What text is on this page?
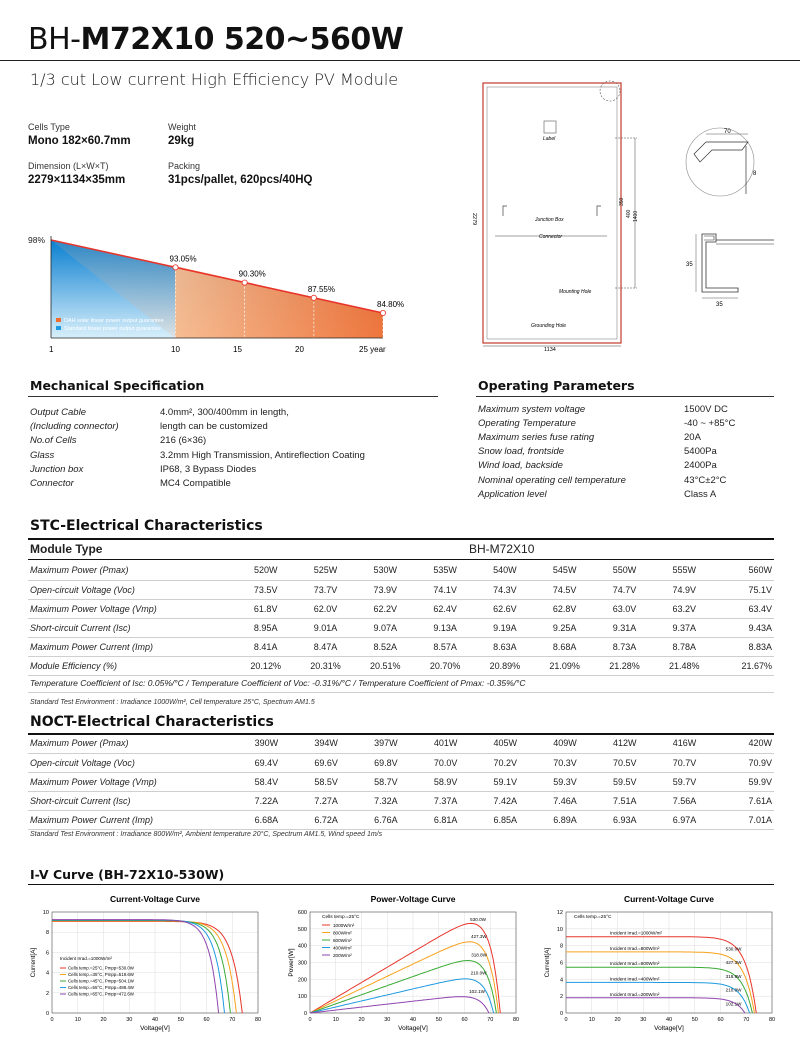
BH-M72X10 520~560W
1/3 cut Low current High Efficiency PV Module
Cells Type
Mono 182×60.7mm
Weight
29kg
Dimension (L×W×T)
2279×1134×35mm
Packing
31pcs/pallet, 620pcs/40HQ
93.05%
90.30%
87.55%
84.80%
98%
DAH solar linear power output guarantee
Standard linear power output guarantee
1	10	15	20	25 year
Label
Junction Box
Connector
Mounting Hole
Grounding Hole
2279
1134
350
400 1400
70
8
35
35
Mechanical Specification
Output Cable	4.0mm², 300/400mm in length,
(Including connector)	length can be customized
No.of Cells	216 (6×36)
Glass	3.2mm High Transmission, Antireflection Coating
Junction box	IP68, 3 Bypass Diodes
Connector	MC4 Compatible
Operating Parameters
Maximum system voltage	1500V DC
Operating Temperature	-40 ~ +85°C
Maximum series fuse rating	20A
Snow load, frontside	5400Pa
Wind load, backside	2400Pa
Nominal operating cell temperature	43°C±2°C
Application level	Class A
STC-Electrical Characteristics
Module Type	BH-M72X10
Maximum Power (Pmax)	520W	525W	530W	535W	540W	545W	550W	555W	560W
Open-circuit Voltage (Voc)	73.5V	73.7V	73.9V	74.1V	74.3V	74.5V	74.7V	74.9V	75.1V
Maximum Power Voltage (Vmp)	61.8V	62.0V	62.2V	62.4V	62.6V	62.8V	63.0V	63.2V	63.4V
Short-circuit Current (Isc)	8.95A	9.01A	9.07A	9.13A	9.19A	9.25A	9.31A	9.37A	9.43A
Maximum Power Current (Imp)	8.41A	8.47A	8.52A	8.57A	8.63A	8.68A	8.73A	8.78A	8.83A
Module Efficiency (%)	20.12%	20.31%	20.51%	20.70%	20.89%	21.09%	21.28%	21.48%	21.67%
Temperature Coefficient of Isc: 0.05%/°C / Temperature Coefficient of Voc: -0.31%/°C / Temperature Coefficient of Pmax: -0.35%/°C
Standard Test Environment : Irradiance 1000W/m², Cell temperature 25°C, Spectrum AM1.5
NOCT-Electrical Characteristics
Maximum Power (Pmax)	390W	394W	397W	401W	405W	409W	412W	416W	420W
Open-circuit Voltage (Voc)	69.4V	69.6V	69.8V	70.0V	70.2V	70.3V	70.5V	70.7V	70.9V
Maximum Power Voltage (Vmp)	58.4V	58.5V	58.7V	58.9V	59.1V	59.3V	59.5V	59.7V	59.9V
Short-circuit Current (Isc)	7.22A	7.27A	7.32A	7.37A	7.42A	7.46A	7.51A	7.56A	7.61A
Maximum Power Current (Imp)	6.68A	6.72A	6.76A	6.81A	6.85A	6.89A	6.93A	6.97A	7.01A
Standard Test Environment : Irradiance 800W/m², Ambient temperature 20°C, Spectrum AM1.5, Wind speed 1m/s
I-V Curve (BH-72X10-530W)
Current-Voltage Curve
0
2
4
6
8
10
0	10	20	30	40	50	60	70	80
Voltage[V]
Current[A]	Incident Irrad.=1000W/m²
Cells temp.=25°C, Pmpp=530.0W
Cells temp.=35°C, Pmpp=519.6W
Cells temp.=45°C, Pmpp=504.1W
Cells temp.=55°C, Pmpp=488.4W
Cells temp.=65°C, Pmpp=472.6W
Power-Voltage Curve
0
100
200
300
400
500
600
0	10	20	30	40	50	60	70	80
Voltage[V]
Power[W]
Cells temp.=25°C
1000W/m²
530.0W
800W/m²
427.3W
600W/m²
318.8W
400W/m²
210.0W
200W/m²
102.1W
Current-Voltage Curve
0
2
4
6
8
10
12
0	10	20	30	40	50	60	70	80
Voltage[V]
Current[A]
Cells temp.=25°C
Incident Irrad.=1000W/m²
530.0W
Incident Irrad.=800W/m²
427.3W
Incident Irrad.=600W/m²
318.8W
Incident Irrad.=400W/m²
210.0W
Incident Irrad.=200W/m²
102.1W
